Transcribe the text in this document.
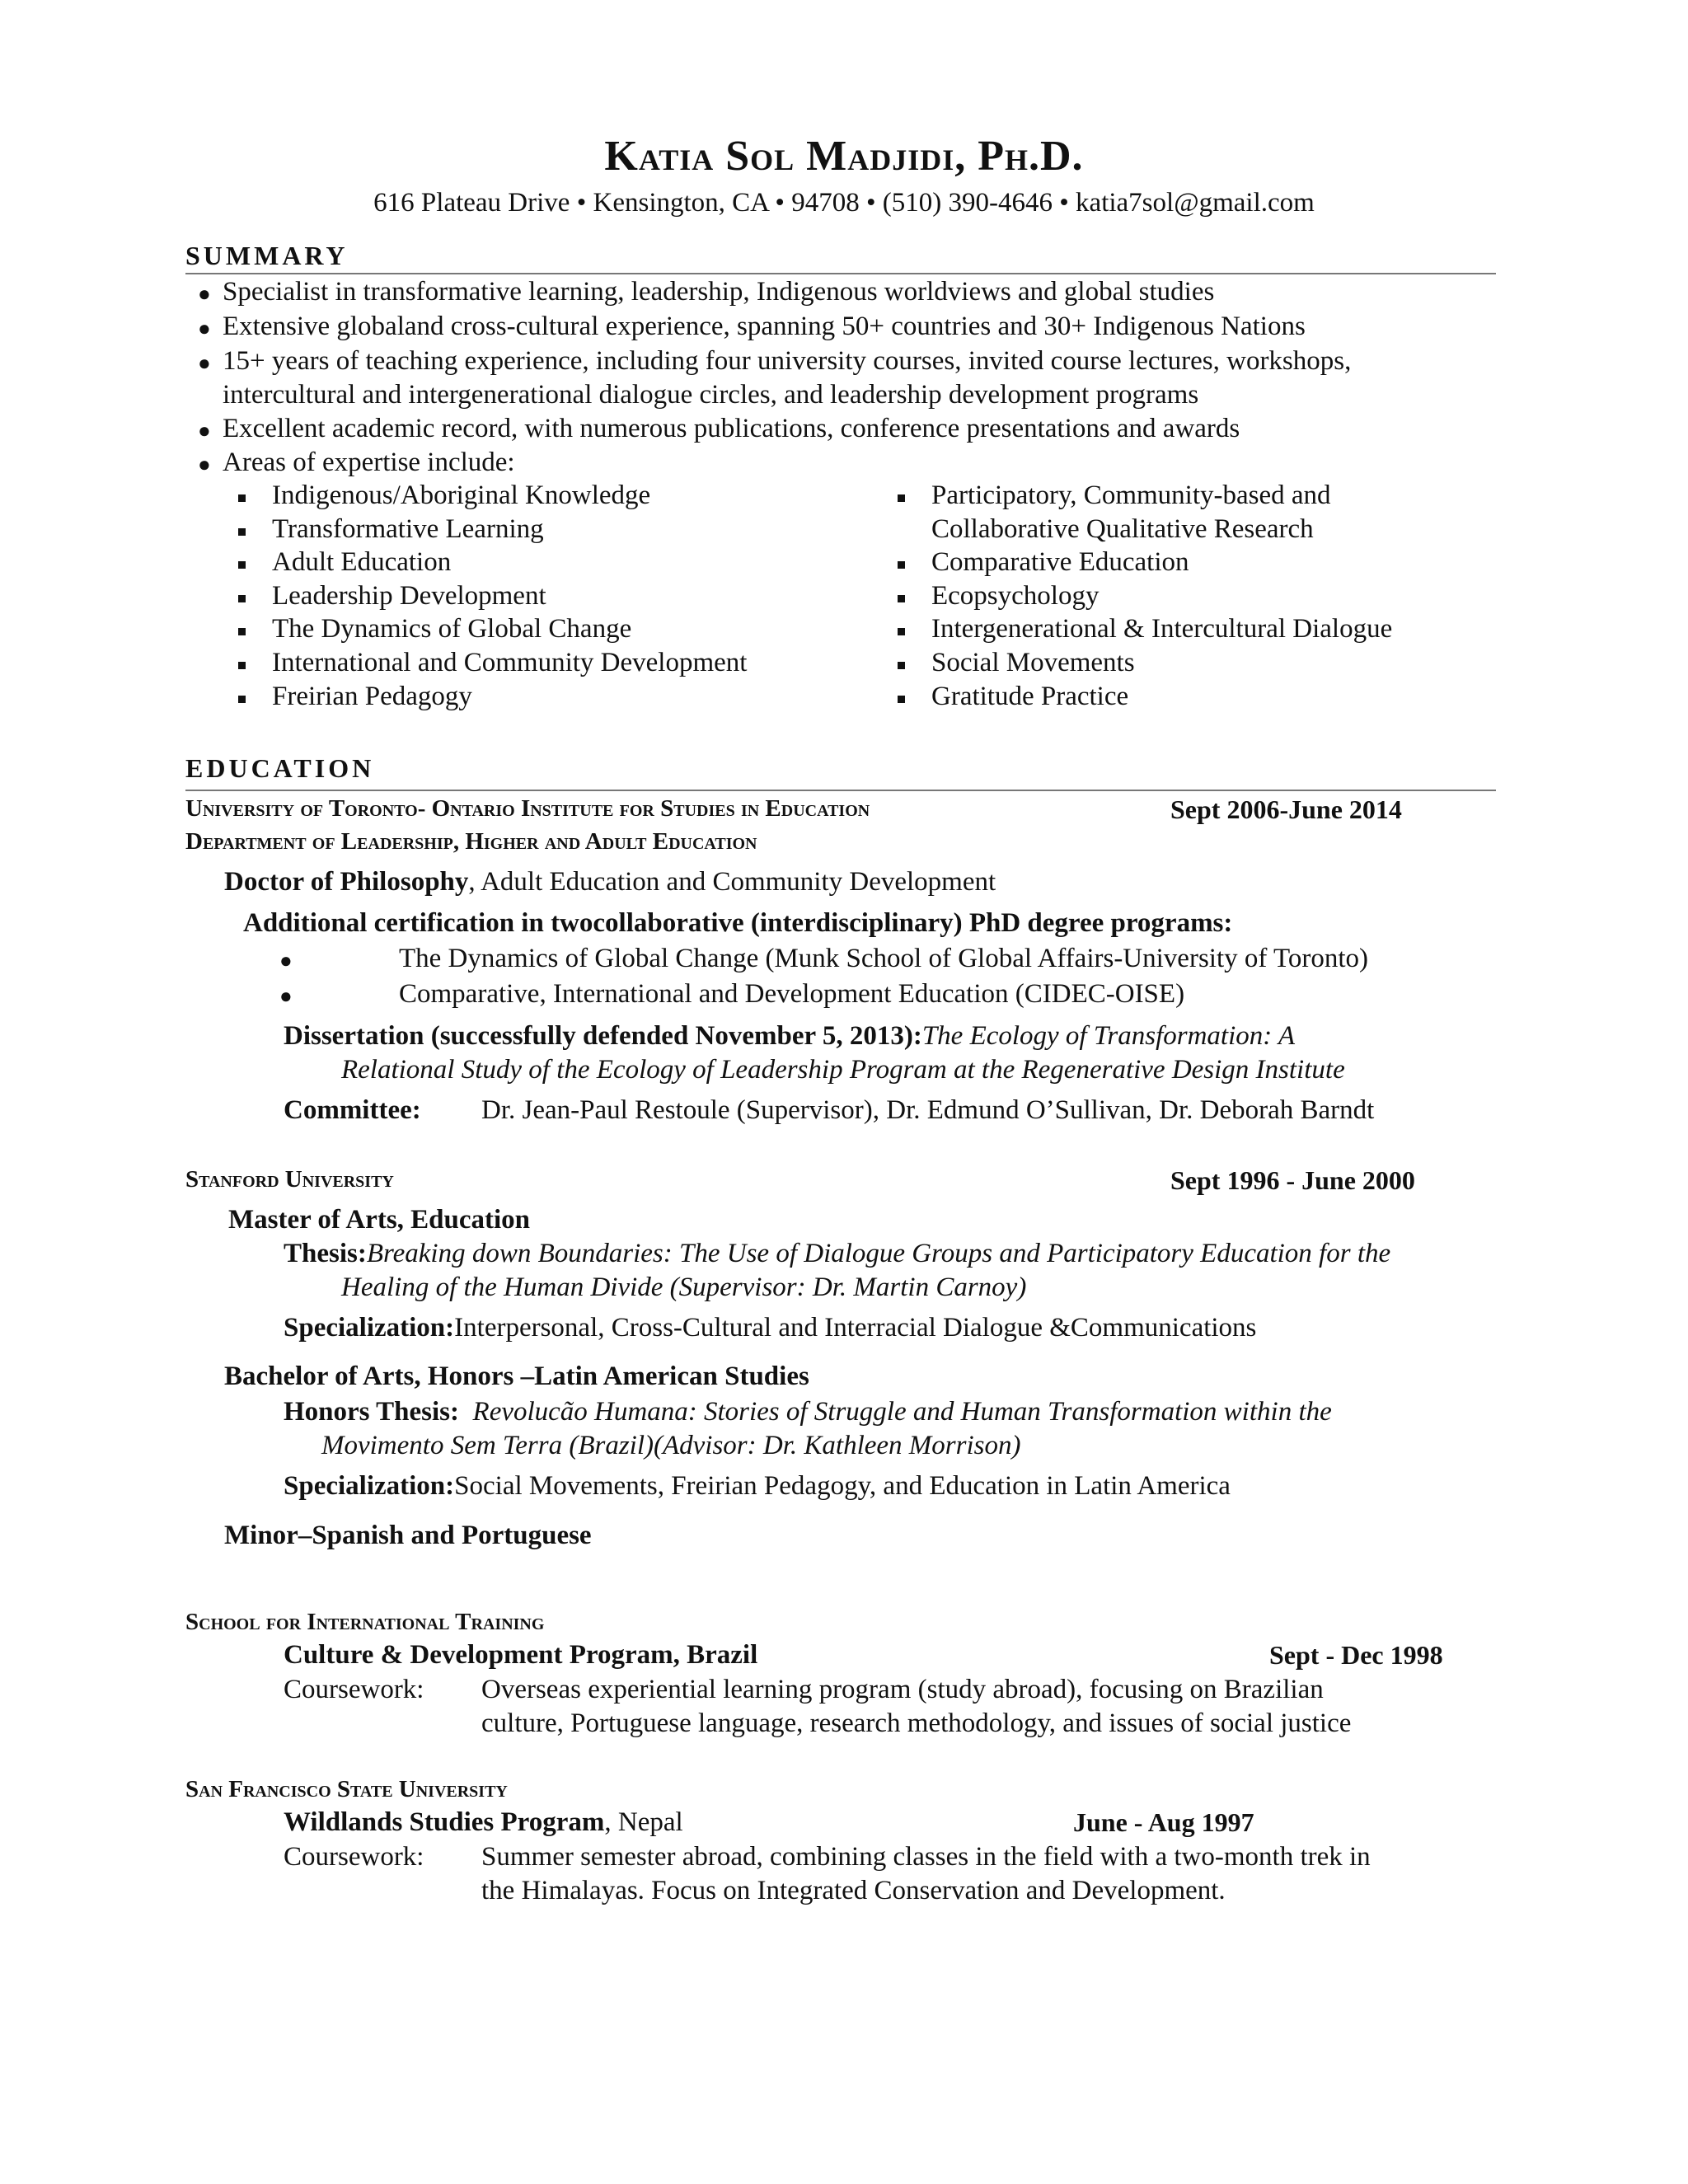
Katia Sol Madjidi, Ph.D.
616 Plateau Drive • Kensington, CA • 94708 • (510) 390-4646 • katia7sol@gmail.com
SUMMARY
● Specialist in transformative learning, leadership, Indigenous worldviews and global studies
● Extensive globaland cross-cultural experience, spanning 50+ countries and 30+ Indigenous Nations
● 15+ years of teaching experience, including four university courses, invited course lectures, workshops,
intercultural and intergenerational dialogue circles, and leadership development programs
● Excellent academic record, with numerous publications, conference presentations and awards
● Areas of expertise include:
Indigenous/Aboriginal Knowledge
Transformative Learning
Adult Education
Leadership Development
The Dynamics of Global Change
International and Community Development
Freirian Pedagogy
Participatory, Community-based and
Collaborative Qualitative Research
Comparative Education
Ecopsychology
Intergenerational & Intercultural Dialogue
Social Movements
Gratitude Practice
EDUCATION
University of Toronto- Ontario Institute for Studies in Education	Sept 2006-June 2014
Department of Leadership, Higher and Adult Education
Doctor of Philosophy, Adult Education and Community Development
Additional certification in twocollaborative (interdisciplinary) PhD degree programs:
●	The Dynamics of Global Change (Munk School of Global Affairs-University of Toronto)
●	Comparative, International and Development Education (CIDEC-OISE)
Dissertation (successfully defended November 5, 2013):The Ecology of Transformation: A
Relational Study of the Ecology of Leadership Program at the Regenerative Design Institute
Committee: Dr. Jean-Paul Restoule (Supervisor), Dr. Edmund O’Sullivan, Dr. Deborah Barndt
Stanford University	Sept 1996 - June 2000
Master of Arts, Education
Thesis:Breaking down Boundaries: The Use of Dialogue Groups and Participatory Education for the
Healing of the Human Divide (Supervisor: Dr. Martin Carnoy)
Specialization:Interpersonal, Cross-Cultural and Interracial Dialogue &Communications
Bachelor of Arts, Honors –Latin American Studies
Honors Thesis: Revolucão Humana: Stories of Struggle and Human Transformation within the
Movimento Sem Terra (Brazil)(Advisor: Dr. Kathleen Morrison)
Specialization:Social Movements, Freirian Pedagogy, and Education in Latin America
Minor–Spanish and Portuguese
School for International Training
Culture & Development Program, Brazil	Sept - Dec 1998
Coursework: Overseas experiential learning program (study abroad), focusing on Brazilian
culture, Portuguese language, research methodology, and issues of social justice
San Francisco State University
Wildlands Studies Program, Nepal	June - Aug 1997
Coursework: Summer semester abroad, combining classes in the field with a two-month trek in
the Himalayas. Focus on Integrated Conservation and Development.
